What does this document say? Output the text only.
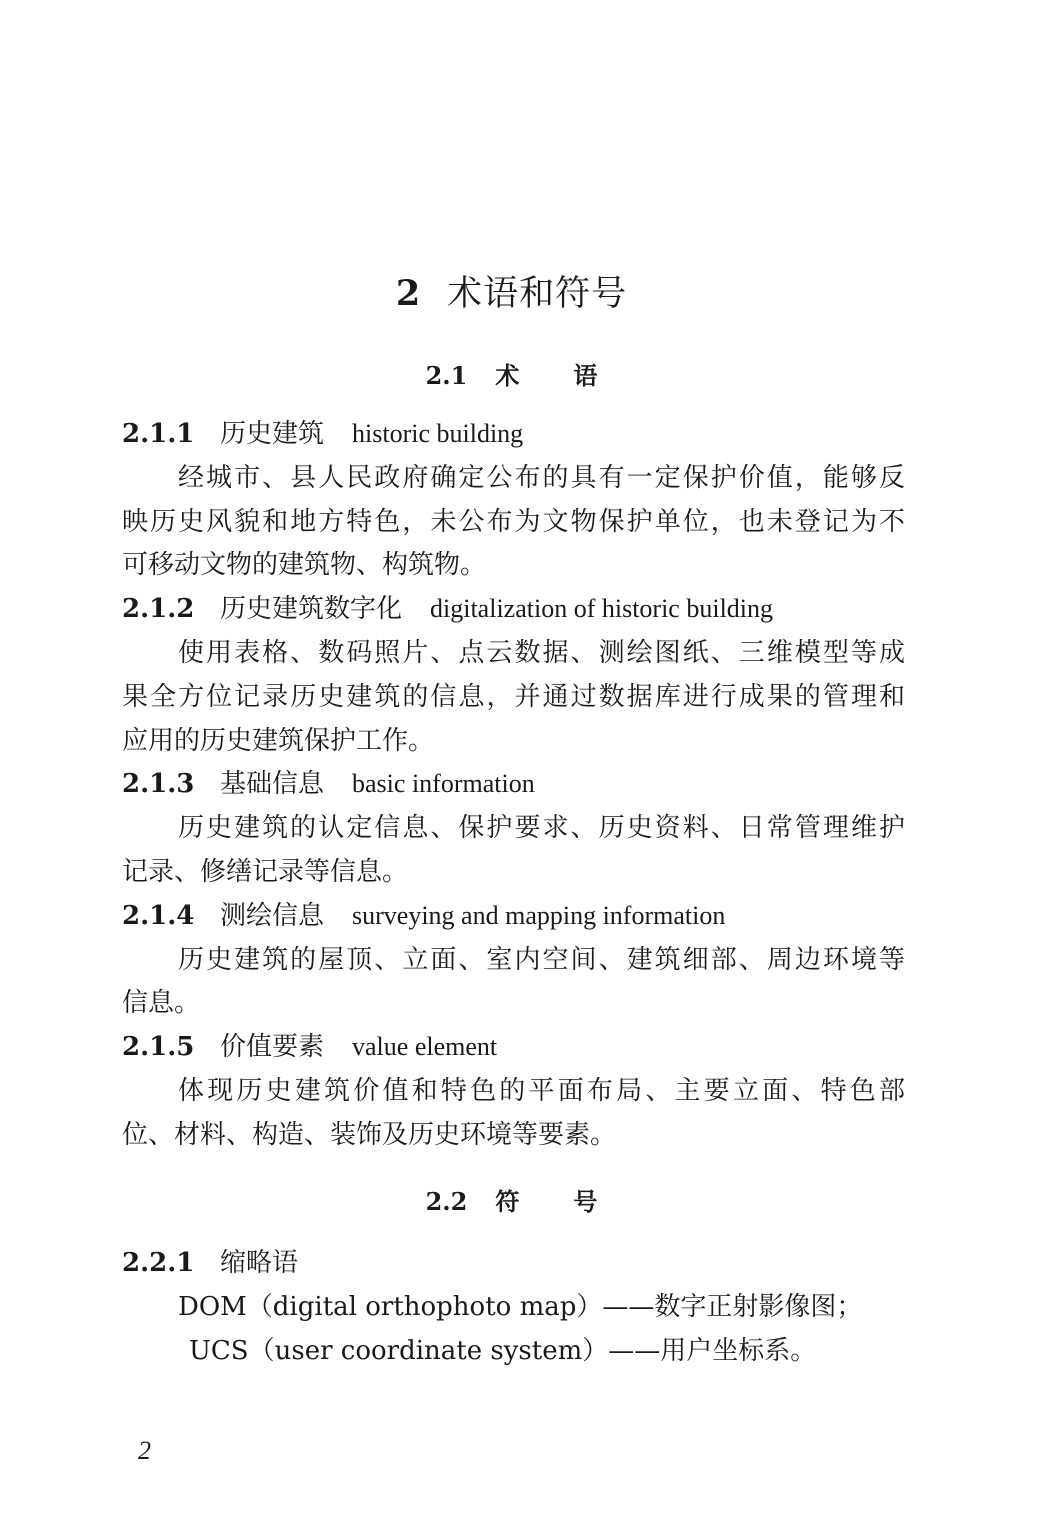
2 术语和符号
2.1 术 语
2.1.1 历史建筑 historic building
经城市、县人民政府确定公布的具有一定保护价值，能够反
映历史风貌和地方特色，未公布为文物保护单位，也未登记为不
可移动文物的建筑物、构筑物。
2.1.2 历史建筑数字化 digitalization of historic building
使用表格、数码照片、点云数据、测绘图纸、三维模型等成
果全方位记录历史建筑的信息，并通过数据库进行成果的管理和
应用的历史建筑保护工作。
2.1.3 基础信息 basic information
历史建筑的认定信息、保护要求、历史资料、日常管理维护
记录、修缮记录等信息。
2.1.4 测绘信息 surveying and mapping information
历史建筑的屋顶、立面、室内空间、建筑细部、周边环境等
信息。
2.1.5 价值要素 value element
体现历史建筑价值和特色的平面布局、主要立面、特色部
位、材料、构造、装饰及历史环境等要素。
2.2 符 号
2.2.1 缩略语
DOM（digital orthophoto map）——数字正射影像图；
UCS（user coordinate system）——用户坐标系。
2
